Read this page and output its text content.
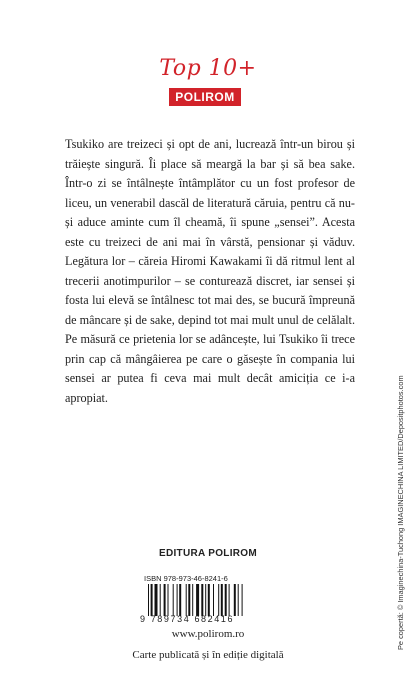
Top 10+
POLIROM

Tsukiko are treizeci și opt de ani, lucrează într-un birou și trăiește singură. Îi place să meargă la bar și să bea sake. Într-o zi se întâlnește întâmplător cu un fost profesor de liceu, un venerabil dascăl de literatură căruia, pentru că nu-și aduce aminte cum îl cheamă, îi spune „sensei”. Acesta este cu treizeci de ani mai în vârstă, pensionar și văduv. Legătura lor – căreia Hiromi Kawakami îi dă ritmul lent al trecerii anotimpurilor – se conturează discret, iar sensei și fosta lui elevă se întâlnesc tot mai des, se bucură împreună de mâncare și de sake, depind tot mai mult unul de celălalt. Pe măsură ce prietenia lor se adâncește, lui Tsukiko îi trece prin cap că mângâierea pe care o găsește în compania lui sensei ar putea fi ceva mai mult decât amiciția ce i-a apropiat.	Pe copertă: © Imaginechina-Tuchong IMAGINECHINA LIMITED/Depositphotos.com
EDITURA POLIROM
ISBN 978-973-46-8241-6
9 789734 682416
www.polirom.ro
Carte publicată și în ediție digitală
